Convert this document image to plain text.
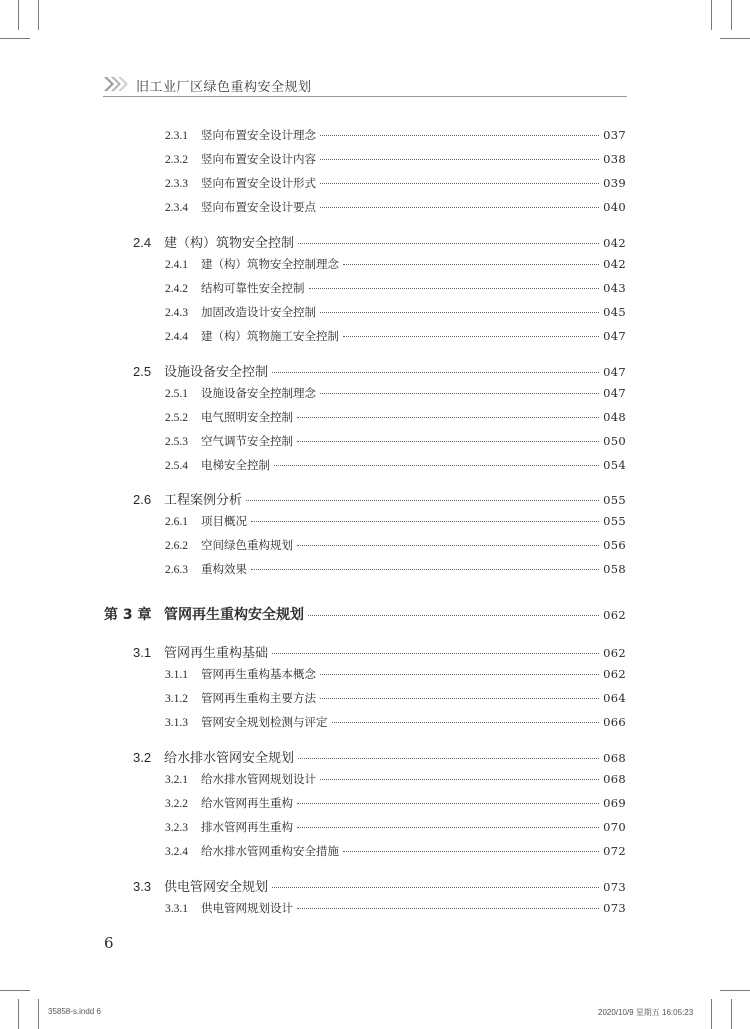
旧工业厂区绿色重构安全规划
2.3.1	竖向布置安全设计理念	037
2.3.2	竖向布置安全设计内容	038
2.3.3	竖向布置安全设计形式	039
2.3.4	竖向布置安全设计要点	040
2.4 建（构）筑物安全控制	042
2.4.1	建（构）筑物安全控制理念	042
2.4.2	结构可靠性安全控制	043
2.4.3	加固改造设计安全控制	045
2.4.4	建（构）筑物施工安全控制	047
2.5 设施设备安全控制	047
2.5.1	设施设备安全控制理念	047
2.5.2	电气照明安全控制	048
2.5.3	空气调节安全控制	050
2.5.4	电梯安全控制	054
2.6 工程案例分析	055
2.6.1	项目概况	055
2.6.2	空间绿色重构规划	056
2.6.3	重构效果	058
第 3 章 管网再生重构安全规划	062
3.1 管网再生重构基础	062
3.1.1	管网再生重构基本概念	062
3.1.2	管网再生重构主要方法	064
3.1.3	管网安全规划检测与评定	066
3.2 给水排水管网安全规划	068
3.2.1	给水排水管网规划设计	068
3.2.2	给水管网再生重构	069
3.2.3	排水管网再生重构	070
3.2.4	给水排水管网重构安全措施	072
3.3 供电管网安全规划	073
3.3.1	供电管网规划设计	073
6
35858-s.indd 6	2020/10/9 星期五 16:05:23
